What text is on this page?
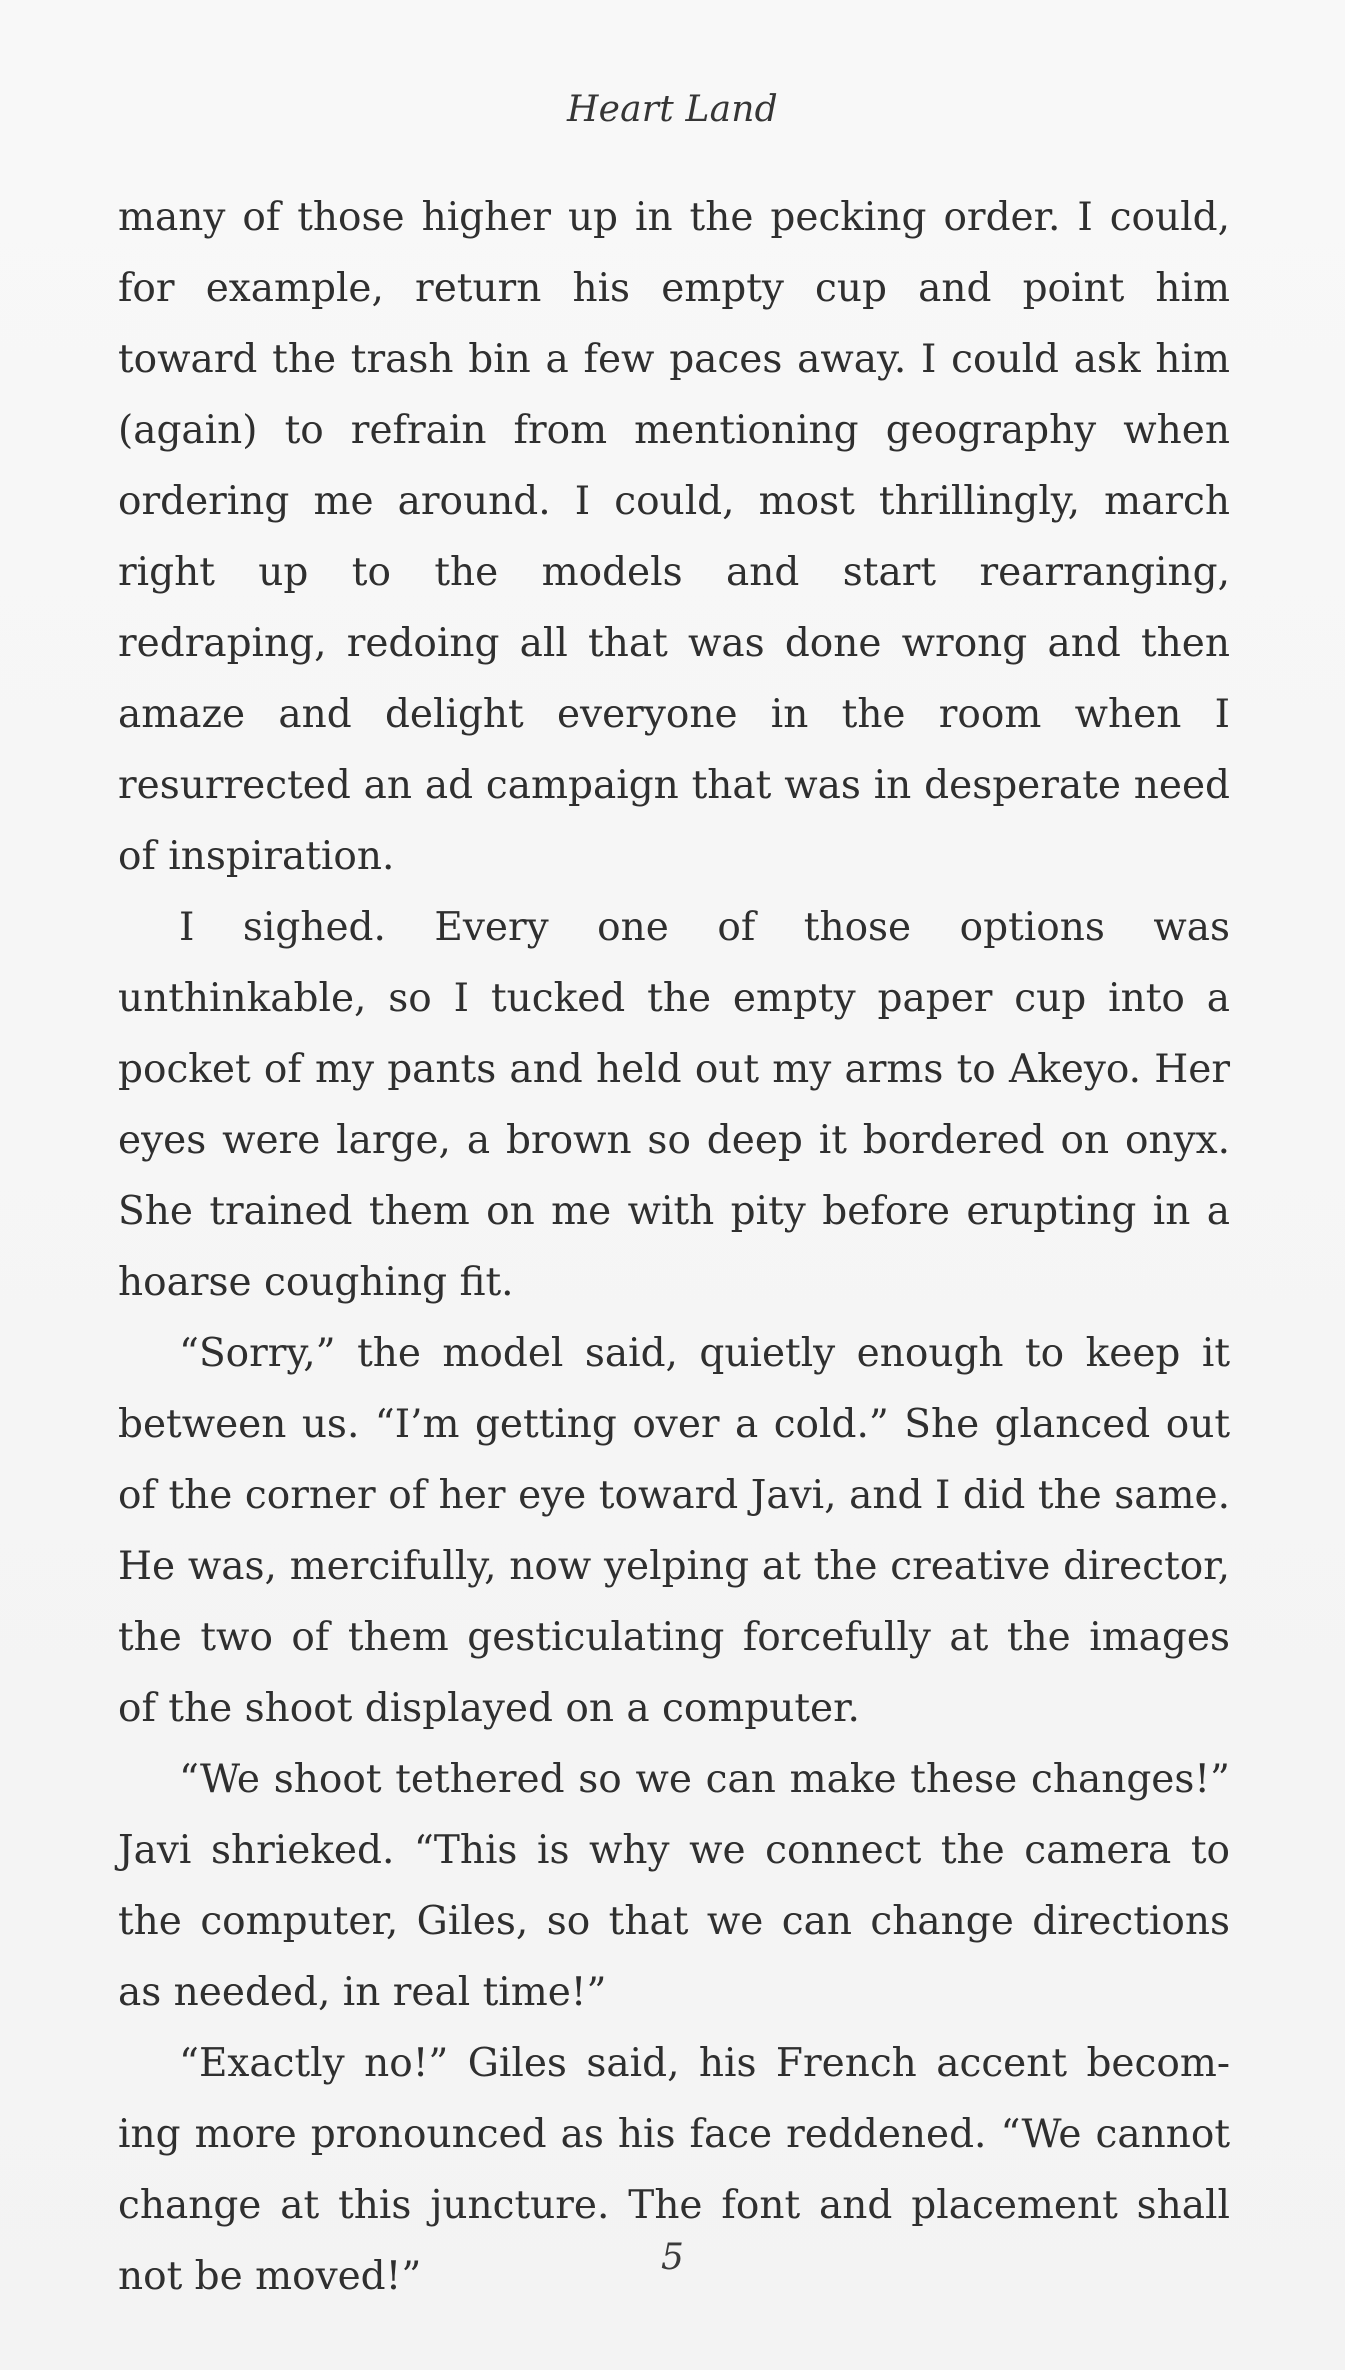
Heart Land

many of those higher up in the pecking order. I could, for example, return his empty cup and point him toward the trash bin a few paces away. I could ask him (again) to refrain from mentioning geography when ordering me around. I could, most thrillingly, march right up to the models and start rearranging, redraping, redoing all that was done wrong and then amaze and delight everyone in the room when I resurrected an ad campaign that was in desperate need of inspiration.

I sighed. Every one of those options was unthinkable, so I tucked the empty paper cup into a pocket of my pants and held out my arms to Akeyo. Her eyes were large, a brown so deep it bordered on onyx. She trained them on me with pity before erupting in a hoarse coughing fit.

“Sorry,” the model said, quietly enough to keep it between us. “I’m getting over a cold.” She glanced out of the corner of her eye toward Javi, and I did the same. He was, mercifully, now yelping at the creative director, the two of them gesticulating forcefully at the images of the shoot displayed on a computer.

“We shoot tethered so we can make these changes!” Javi shrieked. “This is why we connect the camera to the computer, Giles, so that we can change directions as needed, in real time!”

“Exactly no!” Giles said, his French accent becoming more pronounced as his face reddened. “We cannot change at this juncture. The font and placement shall not be moved!”	5
